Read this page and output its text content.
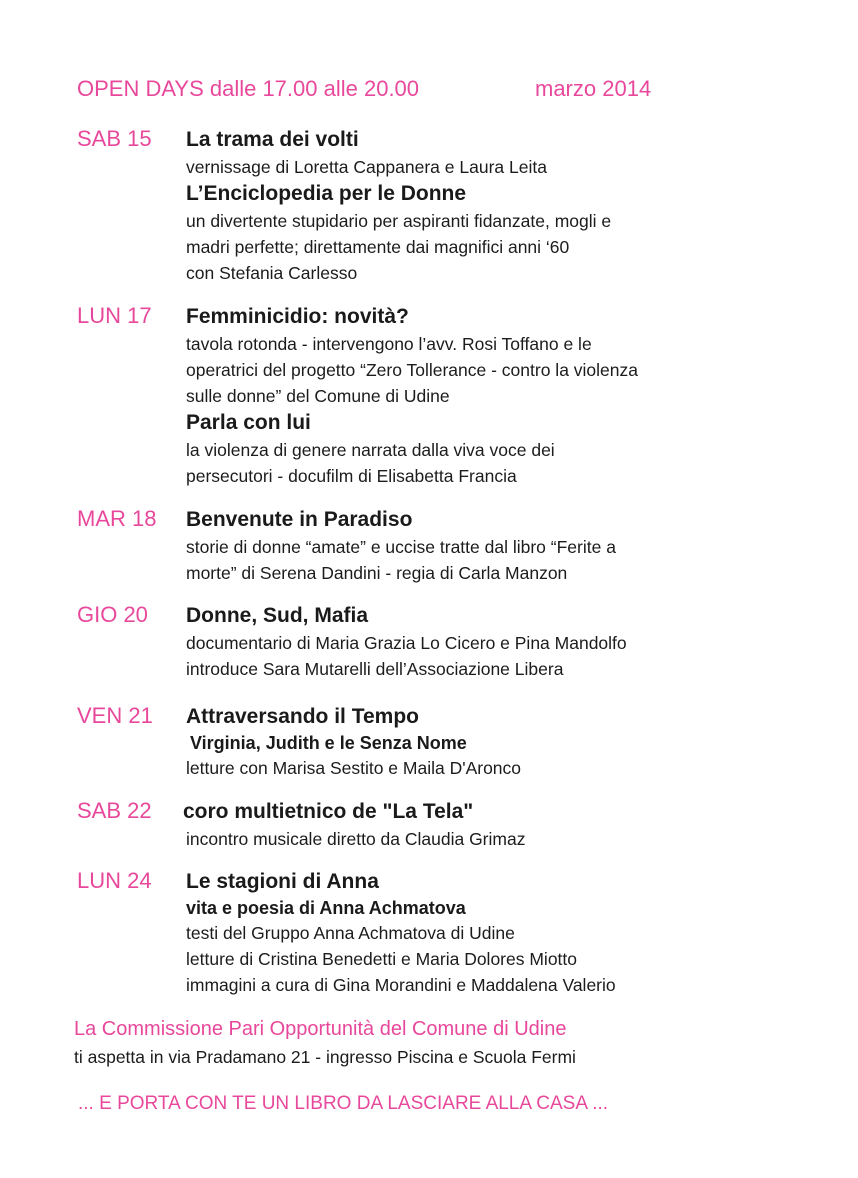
OPEN DAYS dalle 17.00 alle 20.00	marzo 2014
SAB 15 La trama dei volti
vernissage di Loretta Cappanera e Laura Leita
L’Enciclopedia per le Donne
un divertente stupidario per aspiranti fidanzate, mogli e
madri perfette; direttamente dai magnifici anni ‘60
con Stefania Carlesso
LUN 17 Femminicidio: novità?
tavola rotonda - intervengono l’avv. Rosi Toffano e le
operatrici del progetto “Zero Tollerance - contro la violenza
sulle donne” del Comune di Udine
Parla con lui
la violenza di genere narrata dalla viva voce dei
persecutori - docufilm di Elisabetta Francia
MAR 18 Benvenute in Paradiso
storie di donne “amate” e uccise tratte dal libro “Ferite a
morte” di Serena Dandini - regia di Carla Manzon
GIO 20 Donne, Sud, Mafia
documentario di Maria Grazia Lo Cicero e Pina Mandolfo
introduce Sara Mutarelli dell’Associazione Libera
VEN 21 Attraversando il Tempo
Virginia, Judith e le Senza Nome
letture con Marisa Sestito e Maila D'Aronco
SAB 22 coro multietnico de "La Tela"
incontro musicale diretto da Claudia Grimaz
LUN 24 Le stagioni di Anna
vita e poesia di Anna Achmatova
testi del Gruppo Anna Achmatova di Udine
letture di Cristina Benedetti e Maria Dolores Miotto
immagini a cura di Gina Morandini e Maddalena Valerio
La Commissione Pari Opportunità del Comune di Udine
ti aspetta in via Pradamano 21 - ingresso Piscina e Scuola Fermi
... E PORTA CON TE UN LIBRO DA LASCIARE ALLA CASA ...
